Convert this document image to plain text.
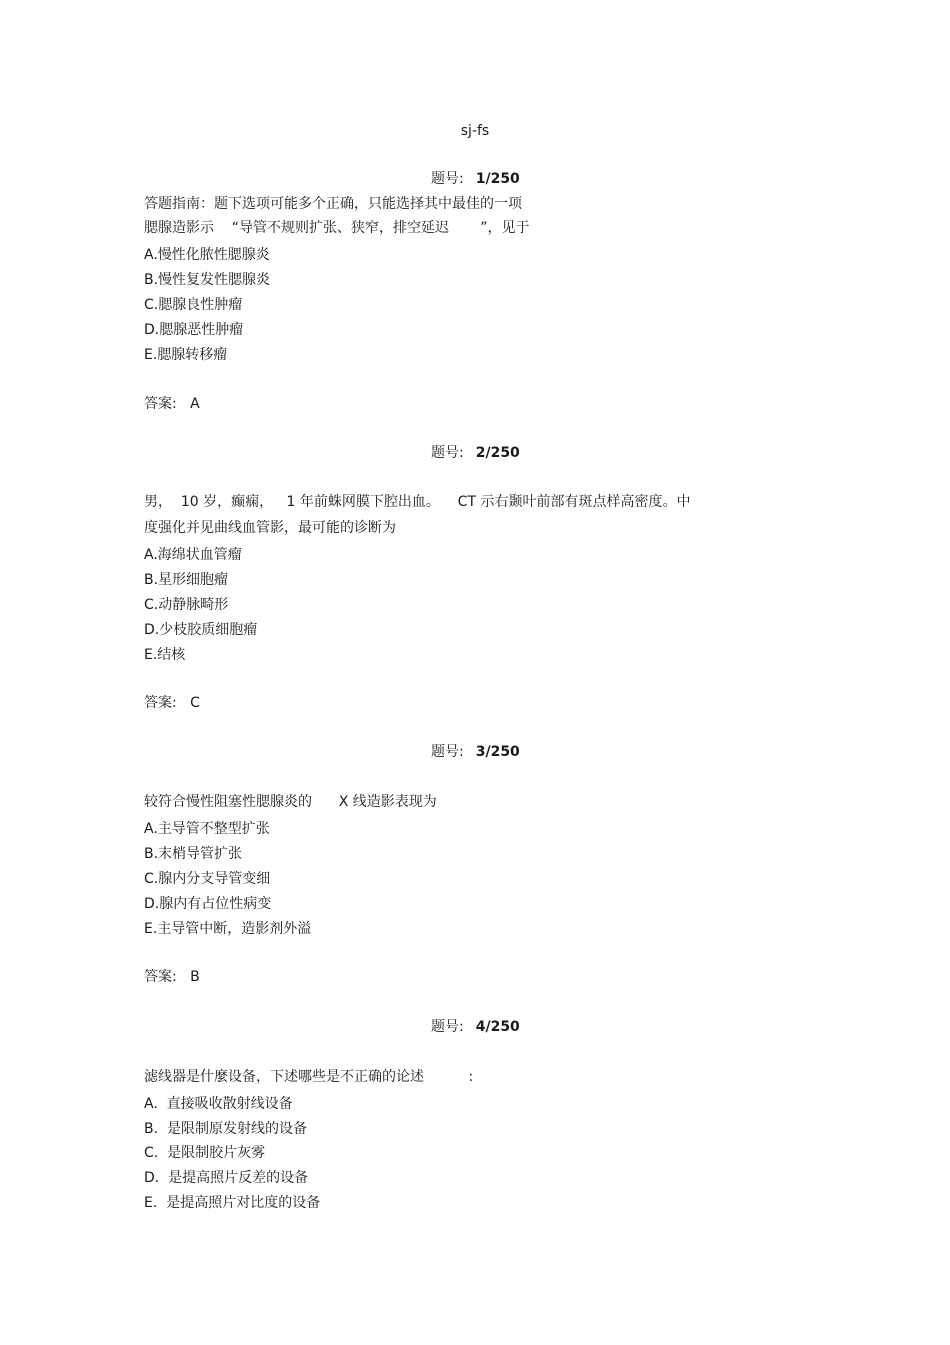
sj-fs
题号: 1/250
答题指南：题下选项可能多个正确，只能选择其中最佳的一项
腮腺造影示    “导管不规则扩张、狭窄，排空延迟       ”，见于
A.慢性化脓性腮腺炎
B.慢性复发性腮腺炎
C.腮腺良性肿瘤
D.腮腺恶性肿瘤
E.腮腺转移瘤
答案: A
题号: 2/250
男，  10 岁，癫痫，   1 年前蛛网膜下腔出血。    CT 示右颞叶前部有斑点样高密度。中
度强化并见曲线血管影，最可能的诊断为
A.海绵状血管瘤
B.星形细胞瘤
C.动静脉畸形
D.少枝胶质细胞瘤
E.结核
答案: C
题号: 3/250
较符合慢性阻塞性腮腺炎的      X 线造影表现为
A.主导管不整型扩张
B.末梢导管扩张
C.腺内分支导管变细
D.腺内有占位性病变
E.主导管中断，造影剂外溢
答案: B
题号: 4/250
滤线器是什麼设备，下述哪些是不正确的论述          :
A.  直接吸收散射线设备
B.  是限制原发射线的设备
C.  是限制胶片灰雾
D.  是提高照片反差的设备
E.  是提高照片对比度的设备
